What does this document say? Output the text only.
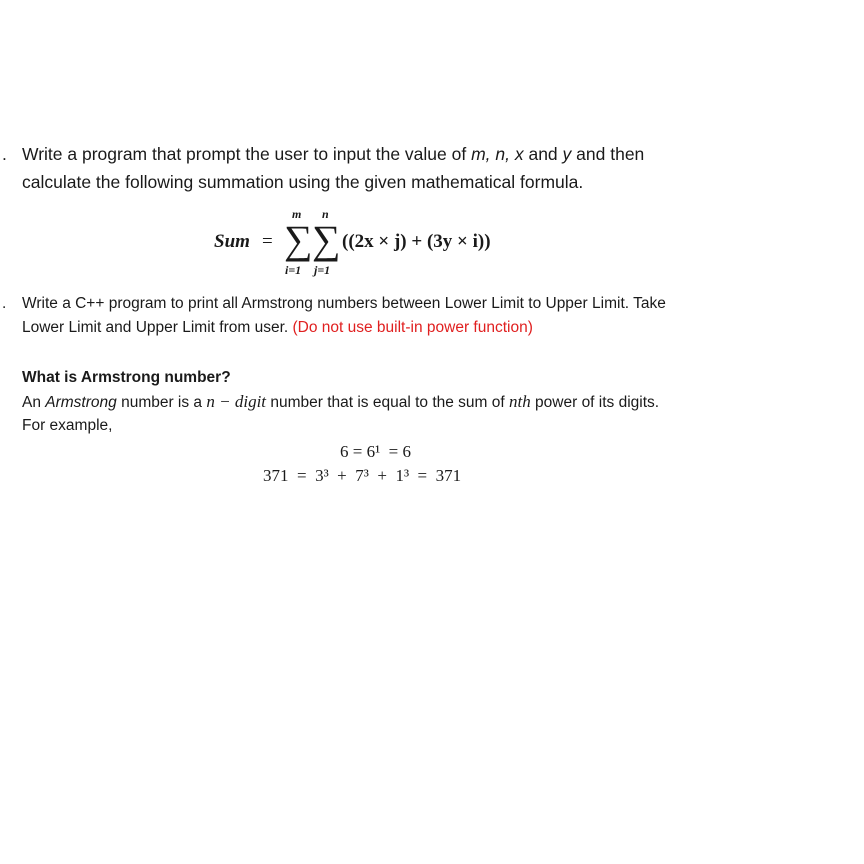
. Write a program that prompt the user to input the value of m, n, x and y and then
calculate the following summation using the given mathematical formula.
Sum =
m n
∑ ∑
i=1 j=1
((2x × j) + (3y × i))
. Write a C++ program to print all Armstrong numbers between Lower Limit to Upper Limit. Take
Lower Limit and Upper Limit from user. (Do not use built-in power function)
What is Armstrong number?
An Armstrong number is a n − digit number that is equal to the sum of nth power of its digits.
For example,
6 = 6¹  = 6
371  =  3³  +  7³  +  1³  =  371
